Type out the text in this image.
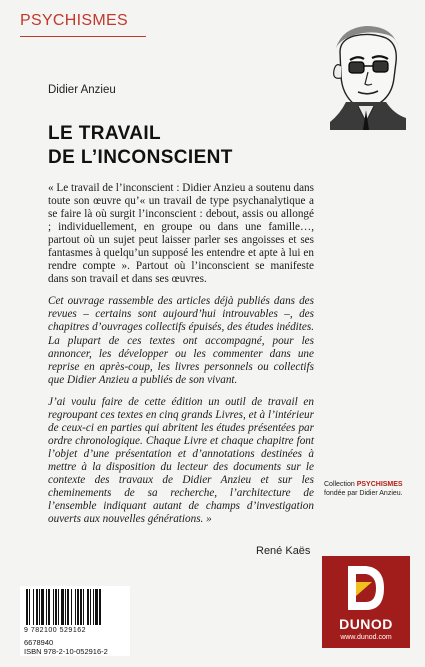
PSYCHISMES
Didier Anzieu
LE TRAVAIL
DE L’INCONSCIENT

« Le travail de l’inconscient : Didier Anzieu a soutenu dans toute son œuvre qu’« un travail de type psychanalytique a se faire là où surgit l’inconscient : debout, assis ou allongé ; individuellement, en groupe ou dans une famille…, partout où un sujet peut laisser parler ses angoisses et ses fantasmes à quelqu’un supposé les entendre et apte à lui en rendre compte ». Partout où l’inconscient se manifeste dans son travail et dans ses œuvres.

Cet ouvrage rassemble des articles déjà publiés dans des revues – certains sont aujourd’hui introuvables –, des chapitres d’ouvrages collectifs épuisés, des études inédites. La plupart de ces textes ont accompagné, pour les annoncer, les développer ou les commenter dans une reprise en après-coup, les livres personnels ou collectifs que Didier Anzieu a publiés de son vivant.

J’ai voulu faire de cette édition un outil de travail en regroupant ces textes en cinq grands Livres, et à l’intérieur de ceux-ci en parties qui abritent les études présentées par ordre chronologique. Chaque Livre et chaque chapitre font l’objet d’une présentation et d’annotations destinées à mettre à la disposition du lecteur des documents sur le contexte des travaux de Didier Anzieu et sur les cheminements de sa recherche, l’architecture de l’ensemble indiquant autant de champs d’investigation ouverts aux nouvelles générations. »

René Kaës
Collection PSYCHISMES
fondée par Didier Anzieu.
9 782100 529162
6678940
ISBN 978-2-10-052916-2
DUNOD
www.dunod.com
